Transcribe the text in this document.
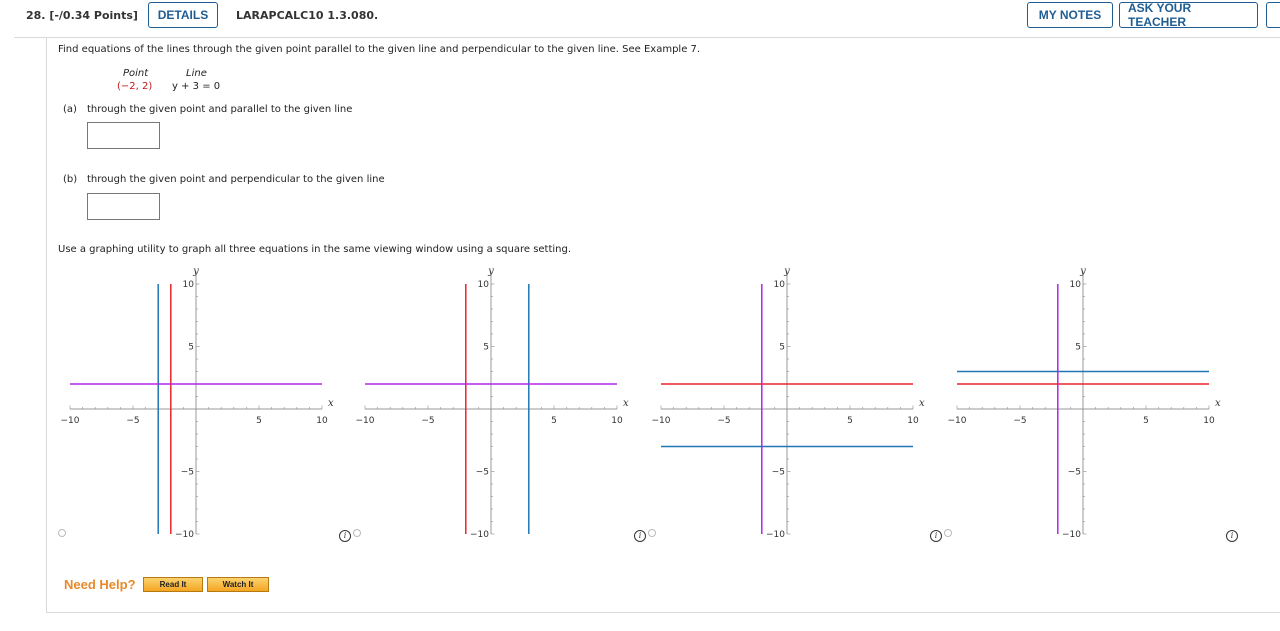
28. [-/0.34 Points]	DETAILS	LARAPCALC10 1.3.080.	MY NOTES	ASK YOUR TEACHER
Find equations of the lines through the given point parallel to the given line and perpendicular to the given line. See Example 7.
Point	Line
(−2, 2) y + 3 = 0
(a) through the given point and parallel to the given line
(b) through the given point and perpendicular to the given line
Use a graphing utility to graph all three equations in the same viewing window using a square setting.
−10	−5	5	10
10
5
−5
−10
x
y
−10	−5	5	10
10
5
−5
−10
x
y
−10	−5	5	10
10
5
−5
−10
x
y
−10	−5	5	10
10
5
−5
−10
x
y
i	i	i	i
Need Help?	Read It	Watch It
